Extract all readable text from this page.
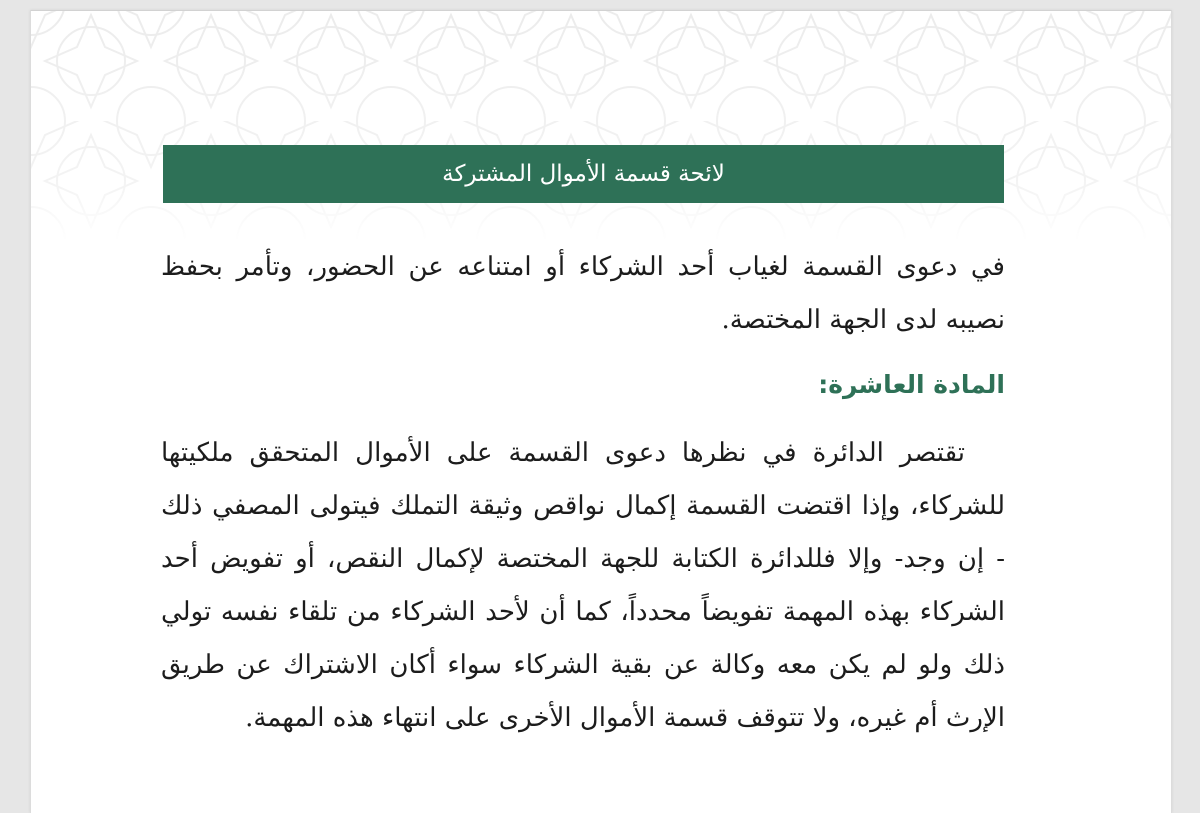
لائحة قسمة الأموال المشتركة

في دعوى القسمة لغياب أحد الشركاء أو امتناعه عن الحضور، وتأمر بحفظ نصيبه لدى الجهة المختصة.

المادة العاشرة:

تقتصر الدائرة في نظرها دعوى القسمة على الأموال المتحقق ملكيتها للشركاء، وإذا اقتضت القسمة إكمال نواقص وثيقة التملك فيتولى المصفي ذلك - إن وجد- وإلا فللدائرة الكتابة للجهة المختصة لإكمال النقص، أو تفويض أحد الشركاء بهذه المهمة تفويضاً محدداً، كما أن لأحد الشركاء من تلقاء نفسه تولي ذلك ولو لم يكن معه وكالة عن بقية الشركاء سواء أكان الاشتراك عن طريق الإرث أم غيره، ولا تتوقف قسمة الأموال الأخرى على انتهاء هذه المهمة.
